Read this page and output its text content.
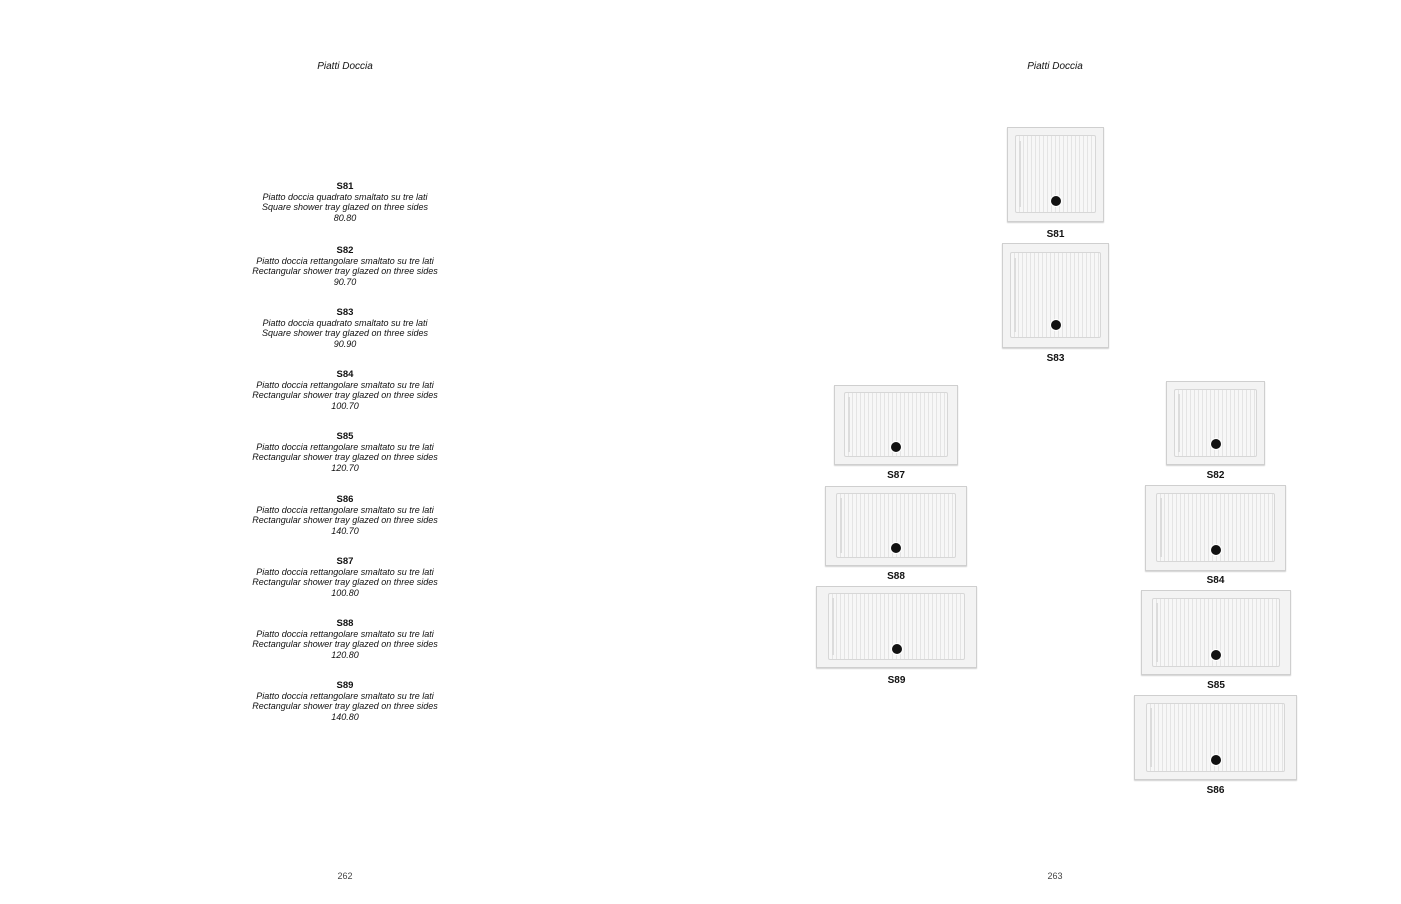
Piatti Doccia
S81
Piatto doccia quadrato smaltato su tre lati
Square shower tray glazed on three sides
80.80
S82
Piatto doccia rettangolare smaltato su tre lati
Rectangular shower tray glazed on three sides
90.70
S83
Piatto doccia quadrato smaltato su tre lati
Square shower tray glazed on three sides
90.90
S84
Piatto doccia rettangolare smaltato su tre lati
Rectangular shower tray glazed on three sides
100.70
S85
Piatto doccia rettangolare smaltato su tre lati
Rectangular shower tray glazed on three sides
120.70
S86
Piatto doccia rettangolare smaltato su tre lati
Rectangular shower tray glazed on three sides
140.70
S87
Piatto doccia rettangolare smaltato su tre lati
Rectangular shower tray glazed on three sides
100.80
S88
Piatto doccia rettangolare smaltato su tre lati
Rectangular shower tray glazed on three sides
120.80
S89
Piatto doccia rettangolare smaltato su tre lati
Rectangular shower tray glazed on three sides
140.80
262
Piatti Doccia
S81
S83
S87
S88
S89
S82
S84
S85
S86
263
